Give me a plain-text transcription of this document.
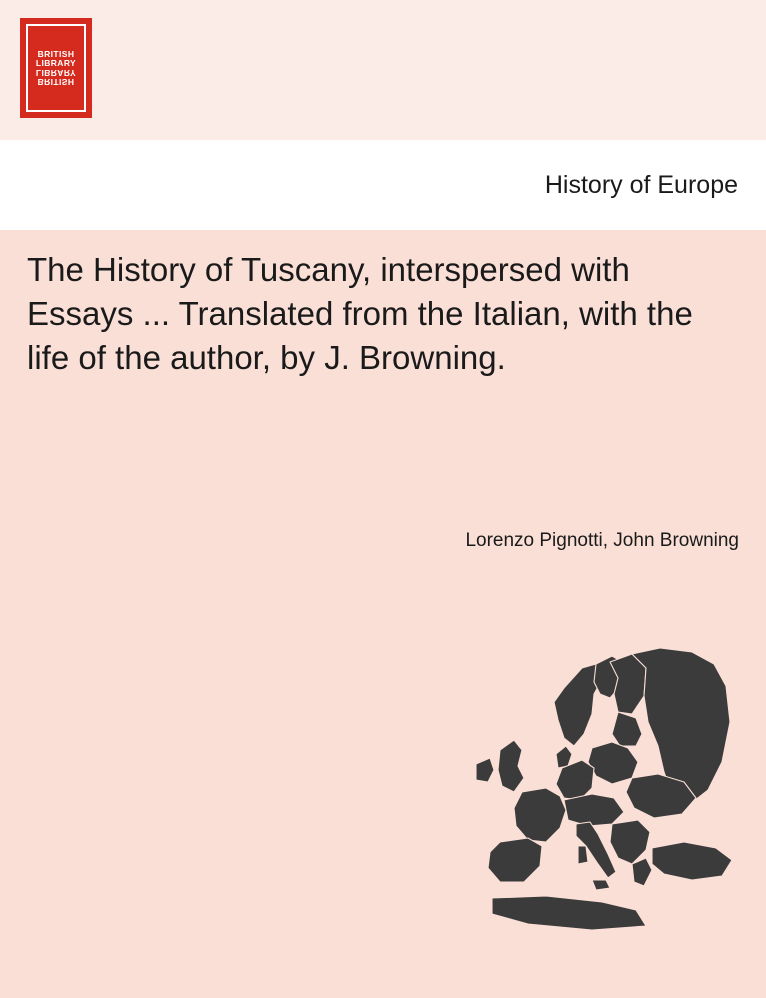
BRITISH
LIBRARY
LIBRARY
BRITISH
History of Europe
The History of Tuscany, interspersed with Essays ... Translated from the Italian, with the life of the author, by J. Browning.
Lorenzo Pignotti, John Browning
